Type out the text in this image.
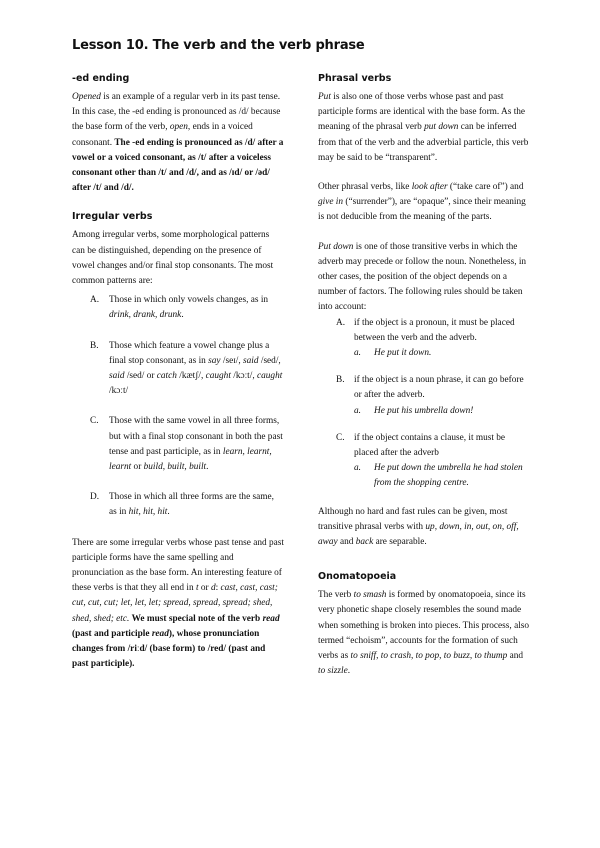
Lesson 10. The verb and the verb phrase
-ed ending

Opened is an example of a regular verb in its past tense. In this case, the -ed ending is pronounced as /d/ because the base form of the verb, open, ends in a voiced consonant. The -ed ending is pronounced as /d/ after a vowel or a voiced consonant, as /t/ after a voiceless consonant other than /t/ and /d/, and as /ɪd/ or /əd/ after /t/ and /d/.

Irregular verbs

Among irregular verbs, some morphological patterns can be distinguished, depending on the presence of vowel changes and/or final stop consonants. The most common patterns are:

A. Those in which only vowels changes, as in drink, drank, drunk.
B. Those which feature a vowel change plus a final stop consonant, as in say /seɪ/, said /sed/, said /sed/ or catch /kætʃ/, caught /kɔːt/, caught /kɔːt/
C. Those with the same vowel in all three forms, but with a final stop consonant in both the past tense and past participle, as in learn, learnt, learnt or build, built, built.
D. Those in which all three forms are the same, as in hit, hit, hit.

There are some irregular verbs whose past tense and past participle forms have the same spelling and pronunciation as the base form. An interesting feature of these verbs is that they all end in t or d: cast, cast, cast; cut, cut, cut; let, let, let; spread, spread, spread; shed, shed, shed; etc. We must special note of the verb read (past and participle read), whose pronunciation changes from /riːd/ (base form) to /red/ (past and past participle).

Phrasal verbs

Put is also one of those verbs whose past and past participle forms are identical with the base form. As the meaning of the phrasal verb put down can be inferred from that of the verb and the adverbial particle, this verb may be said to be “transparent”.

Other phrasal verbs, like look after (“take care of”) and give in (“surrender”), are “opaque”, since their meaning is not deducible from the meaning of the parts.

Put down is one of those transitive verbs in which the adverb may precede or follow the noun. Nonetheless, in other cases, the position of the object depends on a number of factors. The following rules should be taken into account:

A. if the object is a pronoun, it must be placed between the verb and the adverb.
a. He put it down.
B. if the object is a noun phrase, it can go before or after the adverb.
a. He put his umbrella down!
C. if the object contains a clause, it must be placed after the adverb
a. He put down the umbrella he had stolen from the shopping centre.

Although no hard and fast rules can be given, most transitive phrasal verbs with up, down, in, out, on, off, away and back are separable.

Onomatopoeia

The verb to smash is formed by onomatopoeia, since its very phonetic shape closely resembles the sound made when something is broken into pieces. This process, also termed “echoism”, accounts for the formation of such verbs as to sniff, to crash, to pop, to buzz, to thump and to sizzle.
